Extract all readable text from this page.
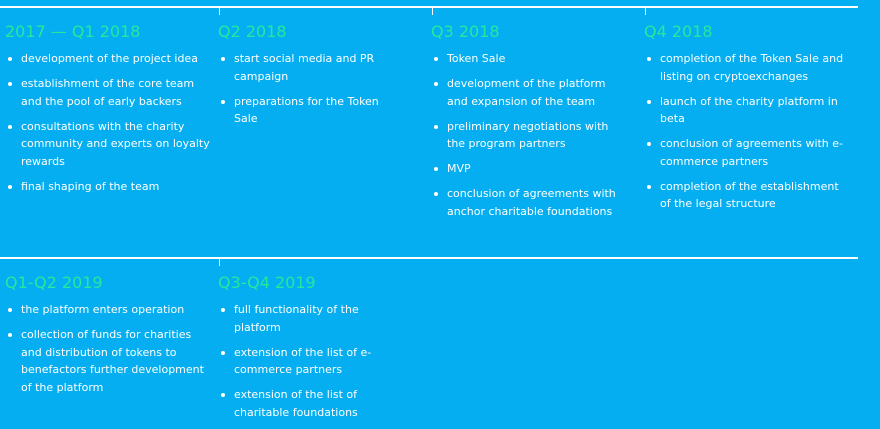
2017 — Q1 2018
development of the project idea
establishment of the core team and the pool of early backers
consultations with the charity community and experts on loyalty rewards
final shaping of the team
Q2 2018
start social media and PR campaign
preparations for the Token Sale
Q3 2018
Token Sale
development of the platform and expansion of the team
preliminary negotiations with the program partners
MVP
conclusion of agreements with anchor charitable foundations
Q4 2018
completion of the Token Sale and listing on cryptoexchanges
launch of the charity platform in beta
conclusion of agreements with e-commerce partners
completion of the establishment of the legal structure
Q1-Q2 2019
the platform enters operation
collection of funds for charities and distribution of tokens to benefactors further development of the platform
Q3-Q4 2019
full functionality of the platform
extension of the list of e-commerce partners
extension of the list of charitable foundations
